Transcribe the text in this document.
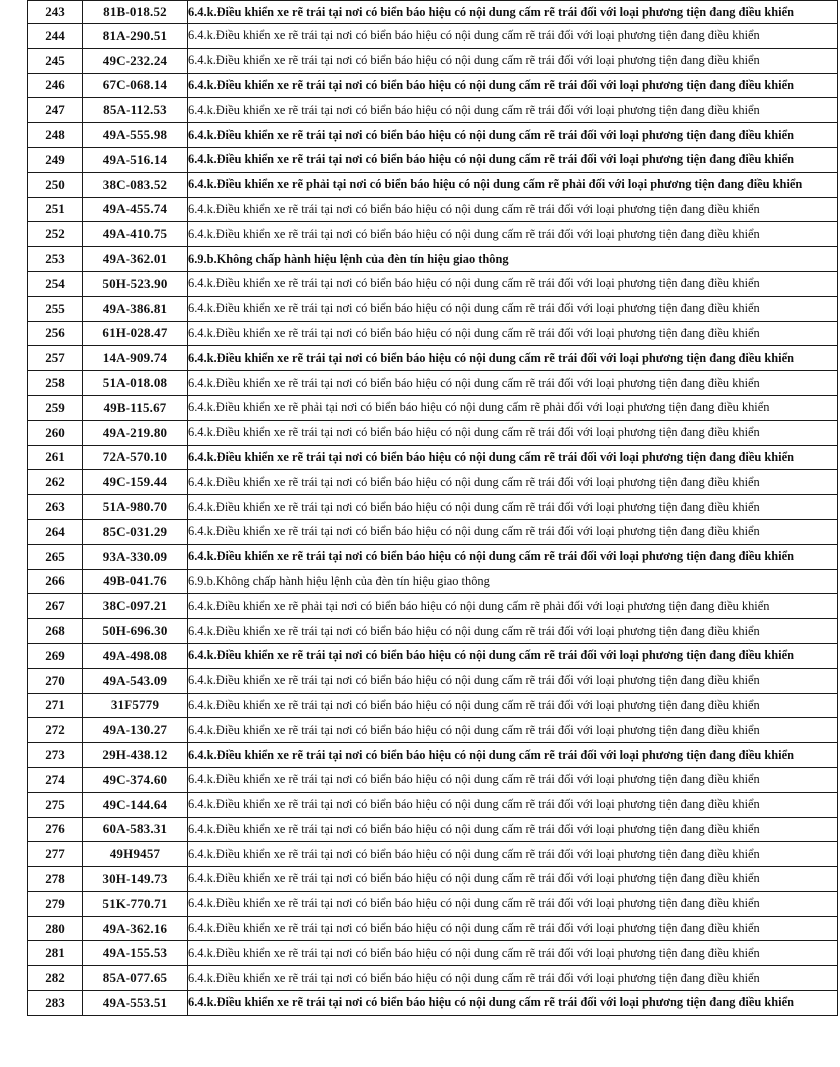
243	81B-018.52	6.4.k.Điều khiển xe rẽ trái tại nơi có biển báo hiệu có nội dung cấm rẽ trái đối với loại phương tiện đang điều khiển
244	81A-290.51	6.4.k.Điều khiển xe rẽ trái tại nơi có biển báo hiệu có nội dung cấm rẽ trái đối với loại phương tiện đang điều khiển
245	49C-232.24	6.4.k.Điều khiển xe rẽ trái tại nơi có biển báo hiệu có nội dung cấm rẽ trái đối với loại phương tiện đang điều khiển
246	67C-068.14	6.4.k.Điều khiển xe rẽ trái tại nơi có biển báo hiệu có nội dung cấm rẽ trái đối với loại phương tiện đang điều khiển
247	85A-112.53	6.4.k.Điều khiển xe rẽ trái tại nơi có biển báo hiệu có nội dung cấm rẽ trái đối với loại phương tiện đang điều khiển
248	49A-555.98	6.4.k.Điều khiển xe rẽ trái tại nơi có biển báo hiệu có nội dung cấm rẽ trái đối với loại phương tiện đang điều khiển
249	49A-516.14	6.4.k.Điều khiển xe rẽ trái tại nơi có biển báo hiệu có nội dung cấm rẽ trái đối với loại phương tiện đang điều khiển
250	38C-083.52	6.4.k.Điều khiển xe rẽ phải tại nơi có biển báo hiệu có nội dung cấm rẽ phải đối với loại phương tiện đang điều khiển
251	49A-455.74	6.4.k.Điều khiển xe rẽ trái tại nơi có biển báo hiệu có nội dung cấm rẽ trái đối với loại phương tiện đang điều khiển
252	49A-410.75	6.4.k.Điều khiển xe rẽ trái tại nơi có biển báo hiệu có nội dung cấm rẽ trái đối với loại phương tiện đang điều khiển
253	49A-362.01	6.9.b.Không chấp hành hiệu lệnh của đèn tín hiệu giao thông
254	50H-523.90	6.4.k.Điều khiển xe rẽ trái tại nơi có biển báo hiệu có nội dung cấm rẽ trái đối với loại phương tiện đang điều khiển
255	49A-386.81	6.4.k.Điều khiển xe rẽ trái tại nơi có biển báo hiệu có nội dung cấm rẽ trái đối với loại phương tiện đang điều khiển
256	61H-028.47	6.4.k.Điều khiển xe rẽ trái tại nơi có biển báo hiệu có nội dung cấm rẽ trái đối với loại phương tiện đang điều khiển
257	14A-909.74	6.4.k.Điều khiển xe rẽ trái tại nơi có biển báo hiệu có nội dung cấm rẽ trái đối với loại phương tiện đang điều khiển
258	51A-018.08	6.4.k.Điều khiển xe rẽ trái tại nơi có biển báo hiệu có nội dung cấm rẽ trái đối với loại phương tiện đang điều khiển
259	49B-115.67	6.4.k.Điều khiển xe rẽ phải tại nơi có biển báo hiệu có nội dung cấm rẽ phải đối với loại phương tiện đang điều khiển
260	49A-219.80	6.4.k.Điều khiển xe rẽ trái tại nơi có biển báo hiệu có nội dung cấm rẽ trái đối với loại phương tiện đang điều khiển
261	72A-570.10	6.4.k.Điều khiển xe rẽ trái tại nơi có biển báo hiệu có nội dung cấm rẽ trái đối với loại phương tiện đang điều khiển
262	49C-159.44	6.4.k.Điều khiển xe rẽ trái tại nơi có biển báo hiệu có nội dung cấm rẽ trái đối với loại phương tiện đang điều khiển
263	51A-980.70	6.4.k.Điều khiển xe rẽ trái tại nơi có biển báo hiệu có nội dung cấm rẽ trái đối với loại phương tiện đang điều khiển
264	85C-031.29	6.4.k.Điều khiển xe rẽ trái tại nơi có biển báo hiệu có nội dung cấm rẽ trái đối với loại phương tiện đang điều khiển
265	93A-330.09	6.4.k.Điều khiển xe rẽ trái tại nơi có biển báo hiệu có nội dung cấm rẽ trái đối với loại phương tiện đang điều khiển
266	49B-041.76	6.9.b.Không chấp hành hiệu lệnh của đèn tín hiệu giao thông
267	38C-097.21	6.4.k.Điều khiển xe rẽ phải tại nơi có biển báo hiệu có nội dung cấm rẽ phải đối với loại phương tiện đang điều khiển
268	50H-696.30	6.4.k.Điều khiển xe rẽ trái tại nơi có biển báo hiệu có nội dung cấm rẽ trái đối với loại phương tiện đang điều khiển
269	49A-498.08	6.4.k.Điều khiển xe rẽ trái tại nơi có biển báo hiệu có nội dung cấm rẽ trái đối với loại phương tiện đang điều khiển
270	49A-543.09	6.4.k.Điều khiển xe rẽ trái tại nơi có biển báo hiệu có nội dung cấm rẽ trái đối với loại phương tiện đang điều khiển
271	31F5779	6.4.k.Điều khiển xe rẽ trái tại nơi có biển báo hiệu có nội dung cấm rẽ trái đối với loại phương tiện đang điều khiển
272	49A-130.27	6.4.k.Điều khiển xe rẽ trái tại nơi có biển báo hiệu có nội dung cấm rẽ trái đối với loại phương tiện đang điều khiển
273	29H-438.12	6.4.k.Điều khiển xe rẽ trái tại nơi có biển báo hiệu có nội dung cấm rẽ trái đối với loại phương tiện đang điều khiển
274	49C-374.60	6.4.k.Điều khiển xe rẽ trái tại nơi có biển báo hiệu có nội dung cấm rẽ trái đối với loại phương tiện đang điều khiển
275	49C-144.64	6.4.k.Điều khiển xe rẽ trái tại nơi có biển báo hiệu có nội dung cấm rẽ trái đối với loại phương tiện đang điều khiển
276	60A-583.31	6.4.k.Điều khiển xe rẽ trái tại nơi có biển báo hiệu có nội dung cấm rẽ trái đối với loại phương tiện đang điều khiển
277	49H9457	6.4.k.Điều khiển xe rẽ trái tại nơi có biển báo hiệu có nội dung cấm rẽ trái đối với loại phương tiện đang điều khiển
278	30H-149.73	6.4.k.Điều khiển xe rẽ trái tại nơi có biển báo hiệu có nội dung cấm rẽ trái đối với loại phương tiện đang điều khiển
279	51K-770.71	6.4.k.Điều khiển xe rẽ trái tại nơi có biển báo hiệu có nội dung cấm rẽ trái đối với loại phương tiện đang điều khiển
280	49A-362.16	6.4.k.Điều khiển xe rẽ trái tại nơi có biển báo hiệu có nội dung cấm rẽ trái đối với loại phương tiện đang điều khiển
281	49A-155.53	6.4.k.Điều khiển xe rẽ trái tại nơi có biển báo hiệu có nội dung cấm rẽ trái đối với loại phương tiện đang điều khiển
282	85A-077.65	6.4.k.Điều khiển xe rẽ trái tại nơi có biển báo hiệu có nội dung cấm rẽ trái đối với loại phương tiện đang điều khiển
283	49A-553.51	6.4.k.Điều khiển xe rẽ trái tại nơi có biển báo hiệu có nội dung cấm rẽ trái đối với loại phương tiện đang điều khiển
